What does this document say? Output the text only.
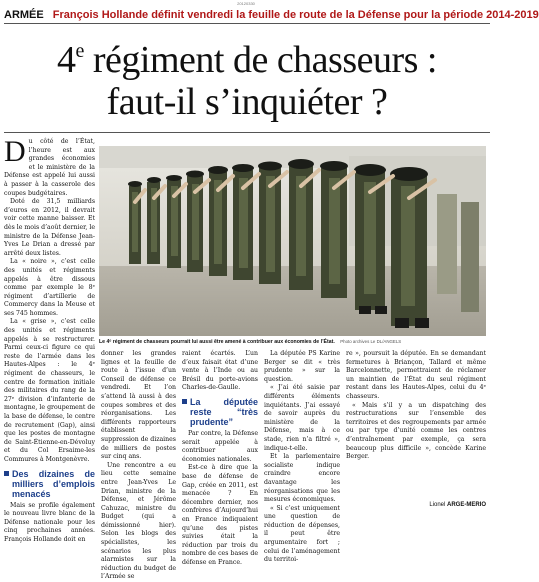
20120330
ARMÉE François Hollande définit vendredi la feuille de route de la Défense pour la période 2014-2019
4e régiment de chasseurs :
faut-il s’inquiéter ?
D u côté de l’État, l’heure est aux grandes économies et le ministère de la Défense est appelé lui aussi à passer à la casserole des coupes budgétaires.

Doté de 31,5 milliards d’euros en 2012, il devrait voir cette manne baisser. Et dès le mois d’août dernier, le ministre de la Défense Jean-Yves Le Drian a dressé par arrêté deux listes.

La « noire », c’est celle des unités et régiments appelés à être dissous comme par exemple le 8ᵉ régiment d’artillerie de Commercy dans la Meuse et ses 745 hommes.

La « grise », c’est celle des unités et régiments appelés à se restructurer. Parmi ceux-ci figure ce qui reste de l’armée dans les Hautes-Alpes : le 4ᵉ régiment de chasseurs, le centre de formation initiale des militaires du rang de la 27ᵉ division d’infanterie de montagne, le groupement de la base de défense, le centre de recrutement (Gap), ainsi que les postes de montagne de Saint-Étienne-en-Dévoluy et du Col Ersaime-les Commures à Montgenèvre.

Des dizaines de milliers d’emplois menacés

Mais se profile également le nouveau livre blanc de la Défense nationale pour les cinq prochaines années. François Hollande doit en

Le 4ᵉ régiment de chasseurs pourrait lui aussi être amené à contribuer aux économies de l’État. Photo archives Le DL/ANGELS

donner les grandes lignes et la feuille de route à l’issue d’un Conseil de défense ce vendredi. Et l’on s’attend là aussi à des coupes sombres et des réorganisations. Les différents rapporteurs établissent la suppression de dizaines de milliers de postes sur cinq ans.

Une rencontre a eu lieu cette semaine entre Jean-Yves Le Drian, ministre de la Défense, et Jérôme Cahuzac, ministre du Budget (qui a démissionné hier). Selon les blogs des spécialistes, les scénarios les plus alarmistes sur la réduction du budget de l’Armée se

raient écartés. L’un d’eux faisait état d’une vente à l’Inde ou au Brésil du porte-avions Charles-de-Gaulle.

La députée reste “très prudente”

Par contre, la Défense serait appelée à contribuer aux économies nationales.

Est-ce à dire que la base de défense de Gap, créée en 2011, est menacée ? En décembre dernier, nos confrères d’Aujourd’hui en France indiquaient qu’une des pistes suivies était la réduction par trois du nombre de ces bases de défense en France.

La députée PS Karine Berger se dit « très prudente » sur la question.

« J’ai été saisie par différents éléments inquiétants. J’ai essayé de savoir auprès du ministère de la Défense, mais à ce stade, rien n’a filtré », indique-t-elle.

Et la parlementaire socialiste indique craindre encore davantage les réorganisations que les mesures économiques.

« Si c’est uniquement une question de réduction de dépenses, il peut être argumentaire fort ; celui de l’aménagement du territoi-

re », poursuit la députée. En se demandant fermetures à Briançon, Tallard et même Barcelonnette, permettraient de réclamer un maintien de l’État du seul régiment restant dans les Hautes-Alpes, celui du 4ᵉ chasseurs.

« Mais s’il y a un dispatching des restructurations sur l’ensemble des territoires et des regroupements par armée ou par type d’unité comme les centres d’entraînement par exemple, ça sera beaucoup plus difficile », concède Karine Berger.

Lionel ARGE-MERIO
